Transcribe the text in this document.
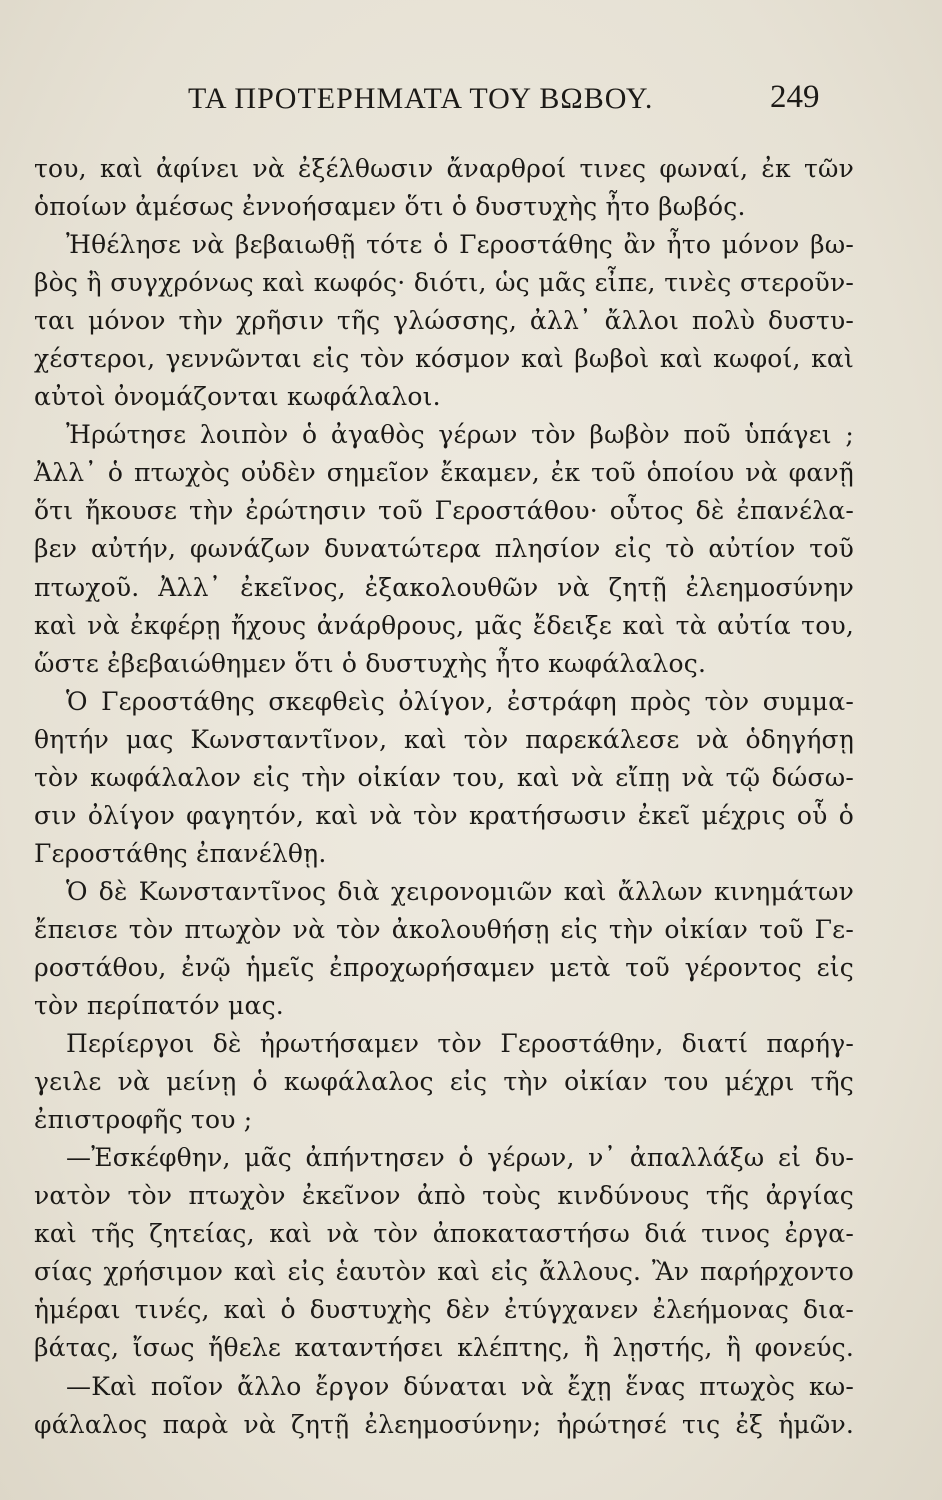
ΤΑ ΠΡΟΤΕΡΗΜΑΤΑ ΤΟΥ ΒΩΒΟΥ.	249
του, καὶ ἀφίνει νὰ ἐξέλθωσιν ἄναρθροί τινες φωναί, ἐκ τῶν
ὁποίων ἀμέσως ἐννοήσαμεν ὅτι ὁ δυστυχὴς ἦτο βωβός.
Ἠθέλησε νὰ βεβαιωθῇ τότε ὁ Γεροστάθης ἂν ἦτο μόνον βω-
βὸς ἢ συγχρόνως καὶ κωφός· διότι, ὡς μᾶς εἶπε, τινὲς στεροῦν-
ται μόνον τὴν χρῆσιν τῆς γλώσσης, ἀλλ᾽ ἄλλοι πολὺ δυστυ-
χέστεροι, γεννῶνται εἰς τὸν κόσμον καὶ βωβοὶ καὶ κωφοί, καὶ
αὐτοὶ ὀνομάζονται κωφάλαλοι.
Ἠρώτησε λοιπὸν ὁ ἀγαθὸς γέρων τὸν βωβὸν ποῦ ὑπάγει ;
Ἀλλ᾽ ὁ πτωχὸς οὐδὲν σημεῖον ἔκαμεν, ἐκ τοῦ ὁποίου νὰ φανῇ
ὅτι ἤκουσε τὴν ἐρώτησιν τοῦ Γεροστάθου· οὗτος δὲ ἐπανέλα-
βεν αὐτήν, φωνάζων δυνατώτερα πλησίον εἰς τὸ αὐτίον τοῦ
πτωχοῦ. Ἀλλ᾽ ἐκεῖνος, ἐξακολουθῶν νὰ ζητῇ ἐλεημοσύνην
καὶ νὰ ἐκφέρῃ ἤχους ἀνάρθρους, μᾶς ἔδειξε καὶ τὰ αὐτία του,
ὥστε ἐβεβαιώθημεν ὅτι ὁ δυστυχὴς ἦτο κωφάλαλος.
Ὁ Γεροστάθης σκεφθεὶς ὀλίγον, ἐστράφη πρὸς τὸν συμμα-
θητήν μας Κωνσταντῖνον, καὶ τὸν παρεκάλεσε νὰ ὁδηγήσῃ
τὸν κωφάλαλον εἰς τὴν οἰκίαν του, καὶ νὰ εἴπῃ νὰ τῷ δώσω-
σιν ὀλίγον φαγητόν, καὶ νὰ τὸν κρατήσωσιν ἐκεῖ μέχρις οὗ ὁ
Γεροστάθης ἐπανέλθῃ.
Ὁ δὲ Κωνσταντῖνος διὰ χειρονομιῶν καὶ ἄλλων κινημάτων
ἔπεισε τὸν πτωχὸν νὰ τὸν ἀκολουθήσῃ εἰς τὴν οἰκίαν τοῦ Γε-
ροστάθου, ἐνῷ ἡμεῖς ἐπροχωρήσαμεν μετὰ τοῦ γέροντος εἰς
τὸν περίπατόν μας.
Περίεργοι δὲ ἠρωτήσαμεν τὸν Γεροστάθην, διατί παρήγ-
γειλε νὰ μείνῃ ὁ κωφάλαλος εἰς τὴν οἰκίαν του μέχρι τῆς
ἐπιστροφῆς του ;
—Ἐσκέφθην, μᾶς ἀπήντησεν ὁ γέρων, ν᾽ ἀπαλλάξω εἰ δυ-
νατὸν τὸν πτωχὸν ἐκεῖνον ἀπὸ τοὺς κινδύνους τῆς ἀργίας
καὶ τῆς ζητείας, καὶ νὰ τὸν ἀποκαταστήσω διά τινος ἐργα-
σίας χρήσιμον καὶ εἰς ἑαυτὸν καὶ εἰς ἄλλους. Ἂν παρήρχοντο
ἡμέραι τινές, καὶ ὁ δυστυχὴς δὲν ἐτύγχανεν ἐλεήμονας δια-
βάτας, ἴσως ἤθελε καταντήσει κλέπτης, ἢ λῃστής, ἢ φονεύς.
—Καὶ ποῖον ἄλλο ἔργον δύναται νὰ ἔχῃ ἕνας πτωχὸς κω-
φάλαλος παρὰ νὰ ζητῇ ἐλεημοσύνην; ἠρώτησέ τις ἐξ ἡμῶν.
